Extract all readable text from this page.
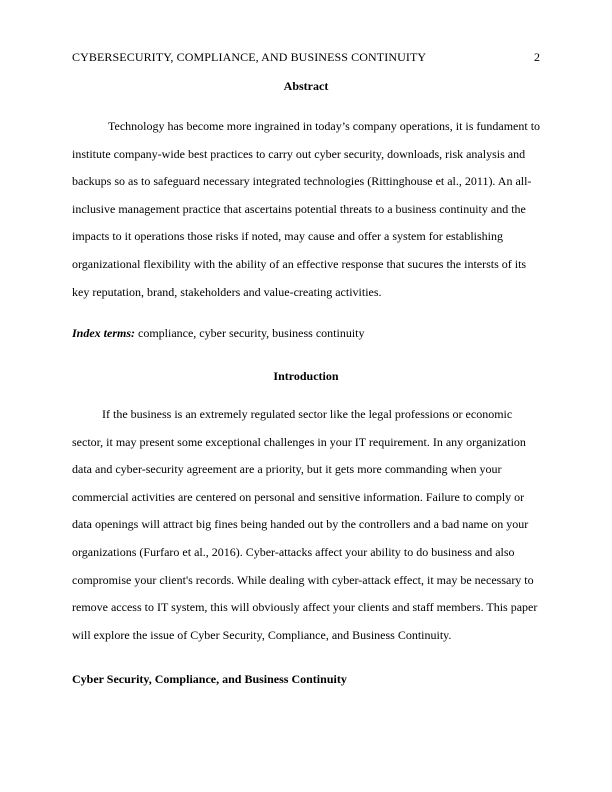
CYBERSECURITY, COMPLIANCE, AND BUSINESS CONTINUITY	2
Abstract

Technology has become more ingrained in today’s company operations, it is fundament to institute company-wide best practices to carry out cyber security, downloads, risk analysis and backups so as to safeguard necessary integrated technologies (Rittinghouse et al., 2011). An all-inclusive management practice that ascertains potential threats to a business continuity and the impacts to it operations those risks if noted, may cause and offer a system for establishing organizational flexibility with the ability of an effective response that sucures the intersts of its key reputation, brand, stakeholders and value-creating activities.

Index terms: compliance, cyber security, business continuity
Introduction

If the business is an extremely regulated sector like the legal professions or economic sector, it may present some exceptional challenges in your IT requirement. In any organization data and cyber-security agreement are a priority, but it gets more commanding when your commercial activities are centered on personal and sensitive information. Failure to comply or data openings will attract big fines being handed out by the controllers and a bad name on your organizations (Furfaro et al., 2016). Cyber-attacks affect your ability to do business and also compromise your client's records. While dealing with cyber-attack effect, it may be necessary to remove access to IT system, this will obviously affect your clients and staff members. This paper will explore the issue of Cyber Security, Compliance, and Business Continuity.

Cyber Security, Compliance, and Business Continuity
